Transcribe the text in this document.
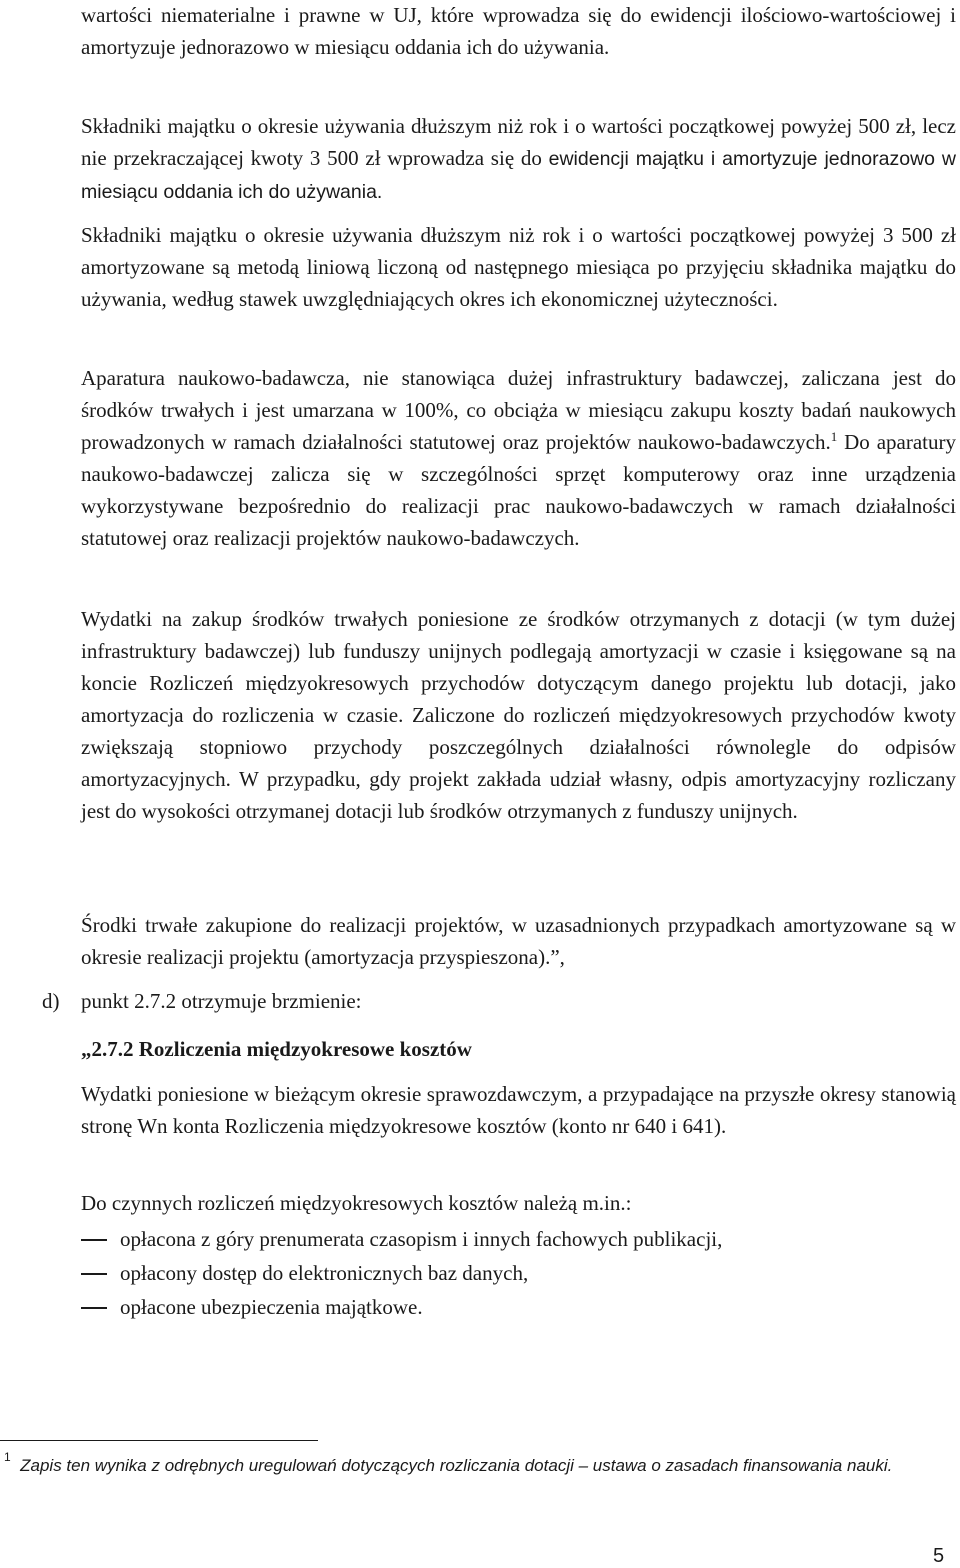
wartości niematerialne i prawne w UJ, które wprowadza się do ewidencji ilościowo-wartościowej i amortyzuje jednorazowo w miesiącu oddania ich do używania.

Składniki majątku o okresie używania dłuższym niż rok i o wartości początkowej powyżej 500 zł, lecz nie przekraczającej kwoty 3 500 zł wprowadza się do ewidencji majątku i amortyzuje jednorazowo w miesiącu oddania ich do używania.

Składniki majątku o okresie używania dłuższym niż rok i o wartości początkowej powyżej 3 500 zł amortyzowane są metodą liniową liczoną od następnego miesiąca po przyjęciu składnika majątku do używania, według stawek uwzględniających okres ich ekonomicznej użyteczności.

Aparatura naukowo-badawcza, nie stanowiąca dużej infrastruktury badawczej, zaliczana jest do środków trwałych i jest umarzana w 100%, co obciąża w miesiącu zakupu koszty badań naukowych prowadzonych w ramach działalności statutowej oraz projektów naukowo-badawczych.$^1$ Do aparatury naukowo-badawczej zalicza się w szczególności sprzęt komputerowy oraz inne urządzenia wykorzystywane bezpośrednio do realizacji prac naukowo-badawczych w ramach działalności statutowej oraz realizacji projektów naukowo-badawczych.

Wydatki na zakup środków trwałych poniesione ze środków otrzymanych z dotacji (w tym dużej infrastruktury badawczej) lub funduszy unijnych podlegają amortyzacji w czasie i księgowane są na koncie Rozliczeń międzyokresowych przychodów dotyczącym danego projektu lub dotacji, jako amortyzacja do rozliczenia w czasie. Zaliczone do rozliczeń międzyokresowych przychodów kwoty zwiększają stopniowo przychody poszczególnych działalności równolegle do odpisów amortyzacyjnych. W przypadku, gdy projekt zakłada udział własny, odpis amortyzacyjny rozliczany jest do wysokości otrzymanej dotacji lub środków otrzymanych z funduszy unijnych.

Środki trwałe zakupione do realizacji projektów, w uzasadnionych przypadkach amortyzowane są w okresie realizacji projektu (amortyzacja przyspieszona).”,

d) punkt 2.7.2 otrzymuje brzmienie:

„2.7.2 Rozliczenia międzyokresowe kosztów

Wydatki poniesione w bieżącym okresie sprawozdawczym, a przypadające na przyszłe okresy stanowią stronę Wn konta Rozliczenia międzyokresowe kosztów (konto nr 640 i 641).

Do czynnych rozliczeń międzyokresowych kosztów należą m.in.:

opłacona z góry prenumerata czasopism i innych fachowych publikacji,
opłacony dostęp do elektronicznych baz danych,
opłacone ubezpieczenia majątkowe.
$^1$ Zapis ten wynika z odrębnych uregulowań dotyczących rozliczania dotacji – ustawa o zasadach finansowania nauki.
5
